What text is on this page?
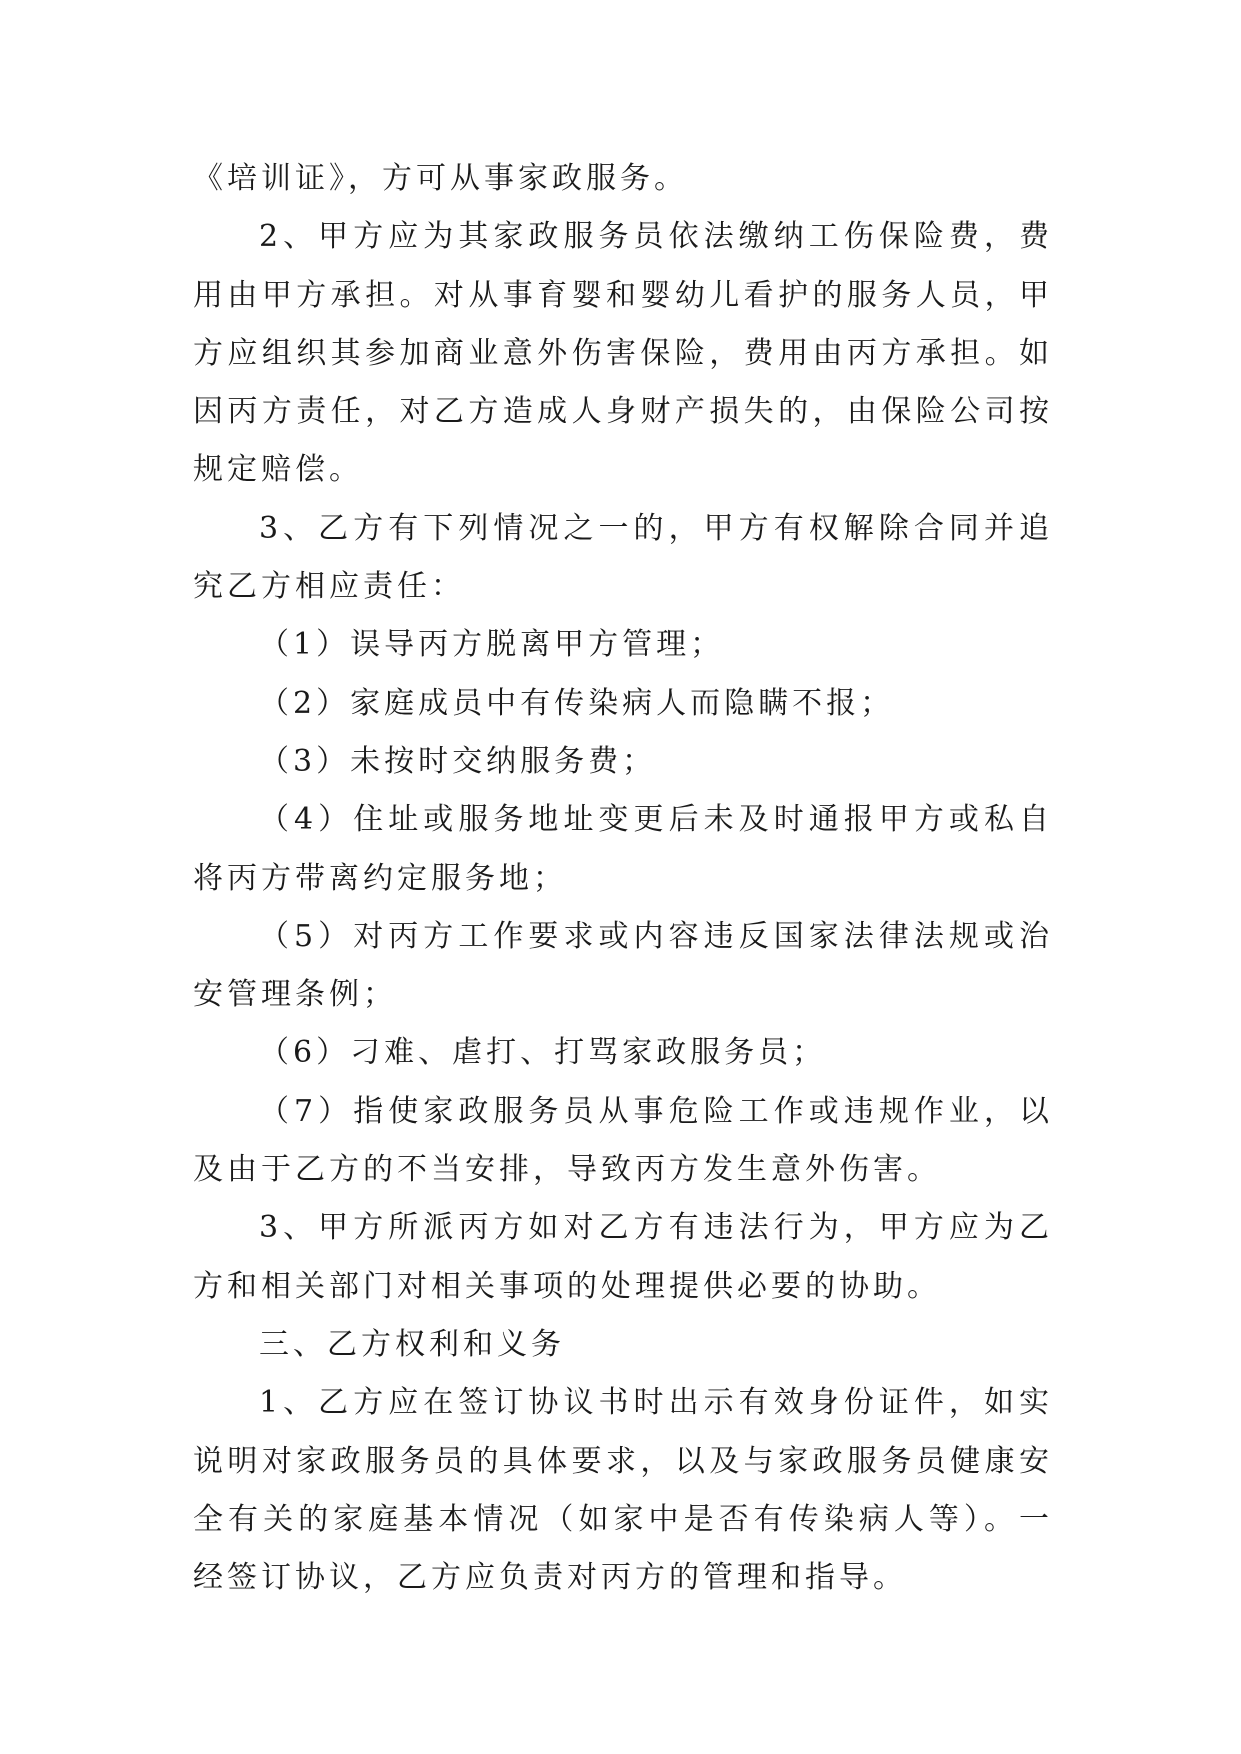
《培训证》，方可从事家政服务。

2、甲方应为其家政服务员依法缴纳工伤保险费，费用由甲方承担。对从事育婴和婴幼儿看护的服务人员，甲方应组织其参加商业意外伤害保险，费用由丙方承担。如因丙方责任，对乙方造成人身财产损失的，由保险公司按规定赔偿。

3、乙方有下列情况之一的，甲方有权解除合同并追究乙方相应责任：

（1）误导丙方脱离甲方管理；

（2）家庭成员中有传染病人而隐瞒不报；

（3）未按时交纳服务费；

（4）住址或服务地址变更后未及时通报甲方或私自将丙方带离约定服务地；

（5）对丙方工作要求或内容违反国家法律法规或治安管理条例；

（6）刁难、虐打、打骂家政服务员；

（7）指使家政服务员从事危险工作或违规作业，以及由于乙方的不当安排，导致丙方发生意外伤害。

3、甲方所派丙方如对乙方有违法行为，甲方应为乙方和相关部门对相关事项的处理提供必要的协助。

三、乙方权利和义务

1、乙方应在签订协议书时出示有效身份证件，如实说明对家政服务员的具体要求，以及与家政服务员健康安全有关的家庭基本情况（如家中是否有传染病人等）。一经签订协议，乙方应负责对丙方的管理和指导。
